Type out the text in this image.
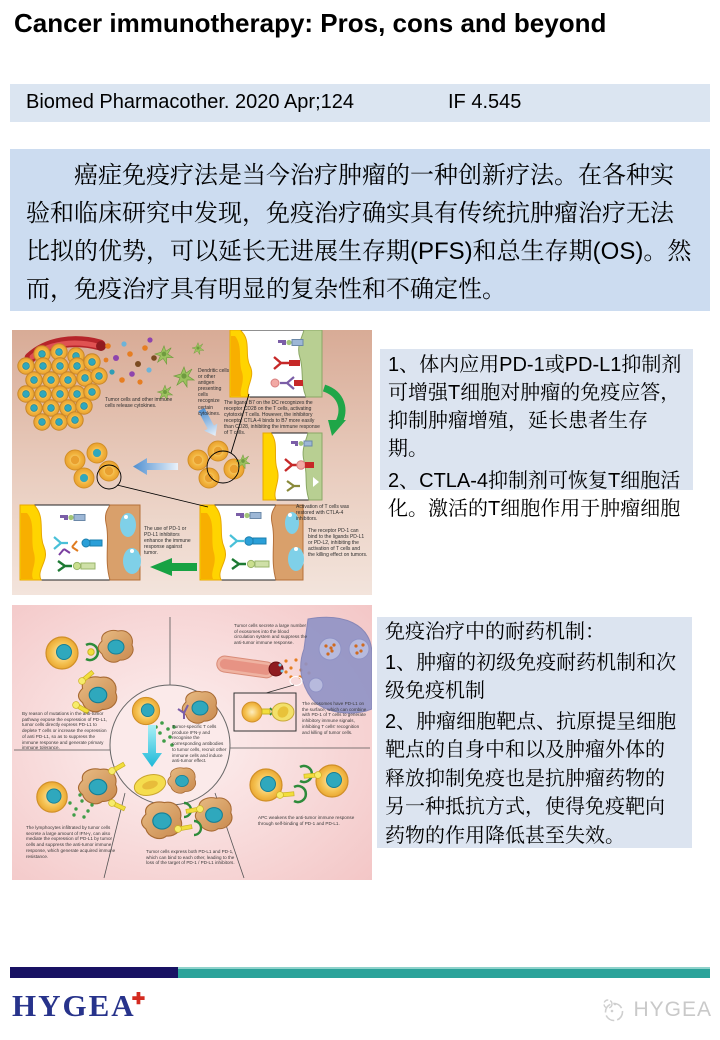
Cancer immunotherapy: Pros, cons and beyond
Biomed Pharmacother. 2020 Apr;124	IF 4.545

癌症免疫疗法是当今治疗肿瘤的一种创新疗法。在各种实验和临床研究中发现，免疫治疗确实具有传统抗肿瘤治疗无法比拟的优势，可以延长无进展生存期(PFS)和总生存期(OS)。然而，免疫治疗具有明显的复杂性和不确定性。

Tumor cells and other immune cells release cytokines.
Dendritic cells or other antigen presenting cells recognize certain cytokines.
The ligand B7 on the DC recognizes the receptor CD28 on the T cells, activating cytotoxic T cells. However, the inhibitory receptor CTLA-4 binds to B7 more easily than CD28, inhibiting the immune response of T cells.
Activation of T cells was restored with CTLA-4 inhibitors.
The receptor PD-1 can bind to the ligands PD-L1 or PD-L2, inhibiting the activation of T cells and the killing effect on tumors.
The use of PD-1 or PD-L1 inhibitors enhance the immune response against tumor.

1、体内应用PD-1或PD-L1抑制剂可增强T细胞对肿瘤的免疫应答，抑制肿瘤增殖，延长患者生存期。

2、CTLA-4抑制剂可恢复T细胞活化。激活的T细胞作用于肿瘤细胞

Tumor cells secrete a large number of exosomes into the blood circulation system and suppress the anti-tumor immune response.
By reason of mutations in the anti-tumor pathway expose the expression of PD-L1, tumor cells directly express PD-L1 to deplete T cells or increase the expression of anti PD-L1, so as to suppress the immune response and generate primary immune tolerance.
Tumor-specific T cells produce IFN-γ and recognise the corresponding antibodies to tumor cells, recruit other immune cells and induce anti-tumor effect.
The exosomes have PD-L1 on the surface, which can combine with PD-1 of T cells to generate inhibitory immune signals, inhibiting T cells' recognition and killing of tumor cells.
APC weakens the anti-tumor immune response through self-binding of PD-1 and PD-L1.
The lymphocytes infiltrated by tumor cells secrete a large amount of IFN-γ, can also mediate the expression of PD-L1 by tumor cells and suppress the anti-tumor immune response, which generate acquired immune resistance.
Tumor cells express both PD-L1 and PD-1, which can bind to each other, leading to the loss of the target of PD-1 / PD-L1 inhibitors.

免疫治疗中的耐药机制：

1、肿瘤的初级免疫耐药机制和次级免疫机制

2、肿瘤细胞靶点、抗原提呈细胞靶点的自身中和以及肿瘤外体的释放抑制免疫也是抗肿瘤药物的另一种抵抗方式，使得免疫靶向药物的作用降低甚至失效。

HYGEA✚	HYGEA
